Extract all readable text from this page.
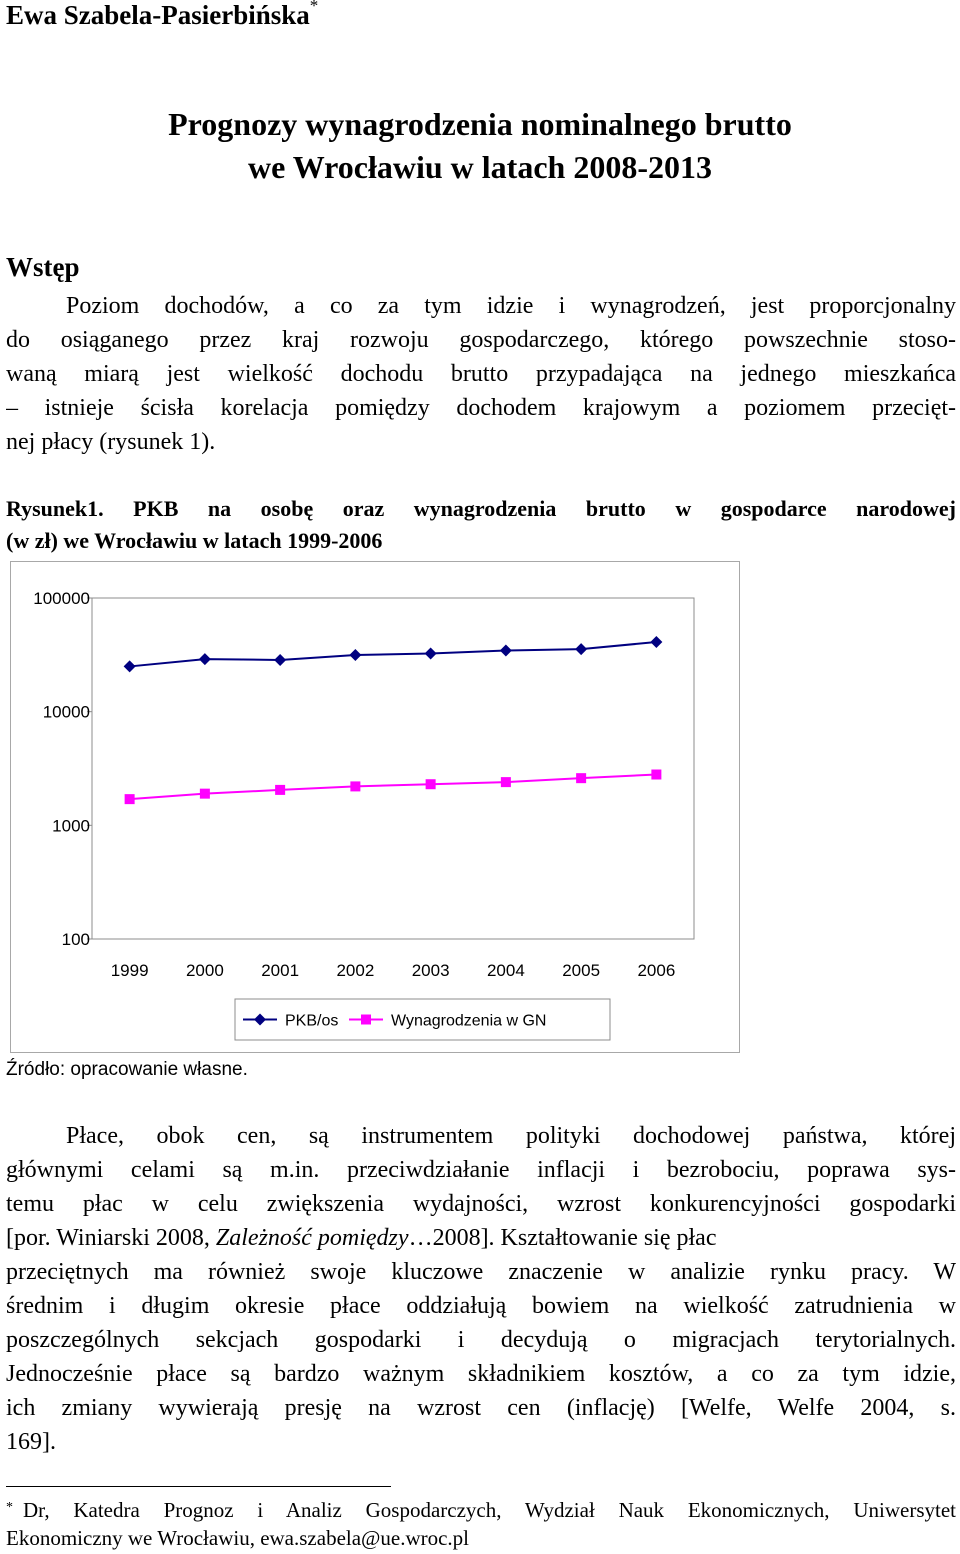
Ewa Szabela-Pasierbińska*
Prognozy wynagrodzenia nominalnego brutto
we Wrocławiu w latach 2008-2013
Wstęp
Poziom dochodów, a co za tym idzie i wynagrodzeń, jest proporcjonalny
do osiąganego przez kraj rozwoju gospodarczego, którego powszechnie stoso-
waną miarą jest wielkość dochodu brutto przypadająca na jednego mieszkańca
– istnieje ścisła korelacja pomiędzy dochodem krajowym a poziomem przecięt-
nej płacy (rysunek 1).
Rysunek1. PKB na osobę oraz wynagrodzenia brutto w gospodarce narodowej
(w zł) we Wrocławiu w latach 1999-2006
100000
10000
1000
100
1999 2000 2001 2002 2003 2004 2005 2006
PKB/os	Wynagrodzenia w GN
Źródło: opracowanie własne.
Płace, obok cen, są instrumentem polityki dochodowej państwa, której
głównymi celami są m.in. przeciwdziałanie inflacji i bezrobociu, poprawa sys-
temu płac w celu zwiększenia wydajności, wzrost konkurencyjności gospodarki
[por. Winiarski 2008, Zależność pomiędzy…2008]. Kształtowanie się płac
przeciętnych ma również swoje kluczowe znaczenie w analizie rynku pracy. W
średnim i długim okresie płace oddziałują bowiem na wielkość zatrudnienia w
poszczególnych sekcjach gospodarki i decydują o migracjach terytorialnych.
Jednocześnie płace są bardzo ważnym składnikiem kosztów, a co za tym idzie,
ich zmiany wywierają presję na wzrost cen (inflację) [Welfe, Welfe 2004, s.
169].
* Dr, Katedra Prognoz i Analiz Gospodarczych, Wydział Nauk Ekonomicznych, Uniwersytet
Ekonomiczny we Wrocławiu, ewa.szabela@ue.wroc.pl
